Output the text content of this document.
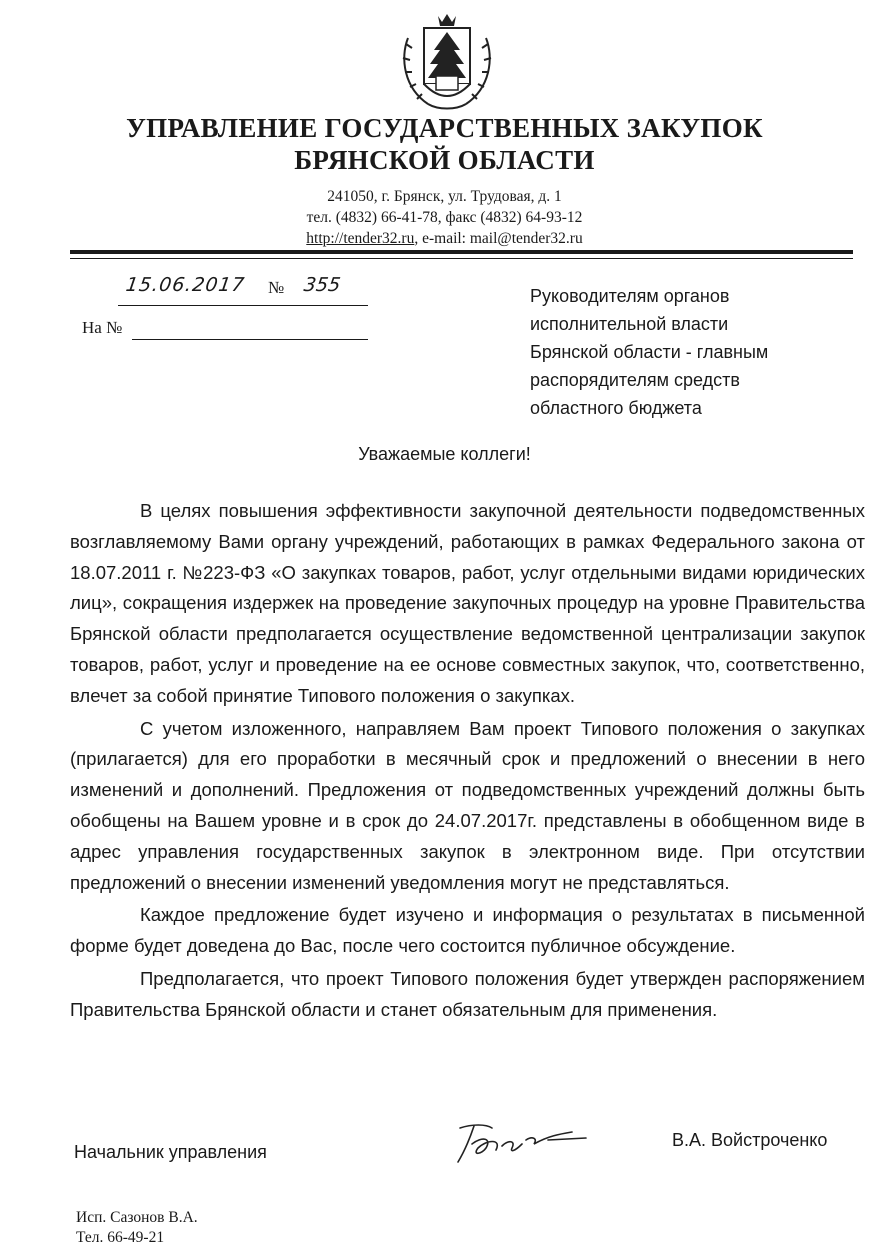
УПРАВЛЕНИЕ ГОСУДАРСТВЕННЫХ ЗАКУПОК
БРЯНСКОЙ ОБЛАСТИ
241050, г. Брянск, ул. Трудовая, д. 1
тел. (4832) 66-41-78, факс (4832) 64-93-12
http://tender32.ru, e-mail: mail@tender32.ru
15.06.2017 № 355
На №
Руководителям органов
исполнительной власти
Брянской области - главным
распорядителям средств
областного бюджета
Уважаемые коллеги!

В целях повышения эффективности закупочной деятельности подведомственных возглавляемому Вами органу учреждений, работающих в рамках Федерального закона от 18.07.2011 г. №223-ФЗ «О закупках товаров, работ, услуг отдельными видами юридических лиц», сокращения издержек на проведение закупочных процедур на уровне Правительства Брянской области предполагается осуществление ведомственной централизации закупок товаров, работ, услуг и проведение на ее основе совместных закупок, что, соответственно, влечет за собой принятие Типового положения о закупках.

С учетом изложенного, направляем Вам проект Типового положения о закупках (прилагается) для его проработки в месячный срок и предложений о внесении в него изменений и дополнений. Предложения от подведомственных учреждений должны быть обобщены на Вашем уровне и в срок до 24.07.2017г. представлены в обобщенном виде в адрес управления государственных закупок в электронном виде. При отсутствии предложений о внесении изменений уведомления могут не представляться.

Каждое предложение будет изучено и информация о результатах в письменной форме будет доведена до Вас, после чего состоится публичное обсуждение.

Предполагается, что проект Типового положения будет утвержден распоряжением Правительства Брянской области и станет обязательным для применения.

Начальник управления
В.А. Войстроченко
Исп. Сазонов В.А.
Тел. 66-49-21
